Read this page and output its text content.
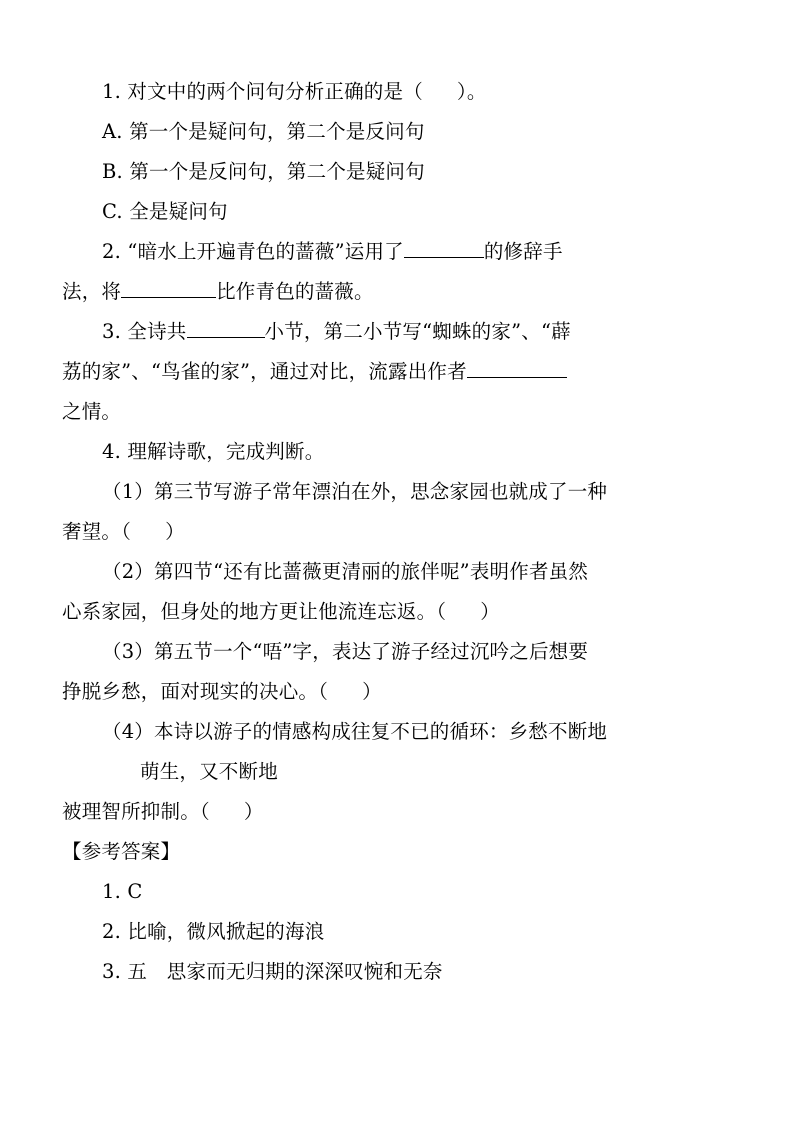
1. 对文中的两个问句分析正确的是（ ）。

A. 第一个是疑问句，第二个是反问句

B. 第一个是反问句，第二个是疑问句

C. 全是疑问句

2. “暗水上开遍青色的蔷薇”运用了	的修辞手

法，将	比作青色的蔷薇。

3. 全诗共	小节，第二小节写“蜘蛛的家”、“薜

荔的家”、“鸟雀的家”，通过对比，流露出作者

之情。

4. 理解诗歌，完成判断。

（1）第三节写游子常年漂泊在外，思念家园也就成了一种

奢望。（ ）

（2）第四节“还有比蔷薇更清丽的旅伴呢”表明作者虽然

心系家园，但身处的地方更让他流连忘返。（ ）

（3）第五节一个“唔”字，表达了游子经过沉吟之后想要

挣脱乡愁，面对现实的决心。（ ）

（4）本诗以游子的情感构成往复不已的循环：乡愁不断地

萌生，又不断地

被理智所抑制。（ ）

【参考答案】

1. C

2. 比喻，微风掀起的海浪

3. 五　思家而无归期的深深叹惋和无奈
